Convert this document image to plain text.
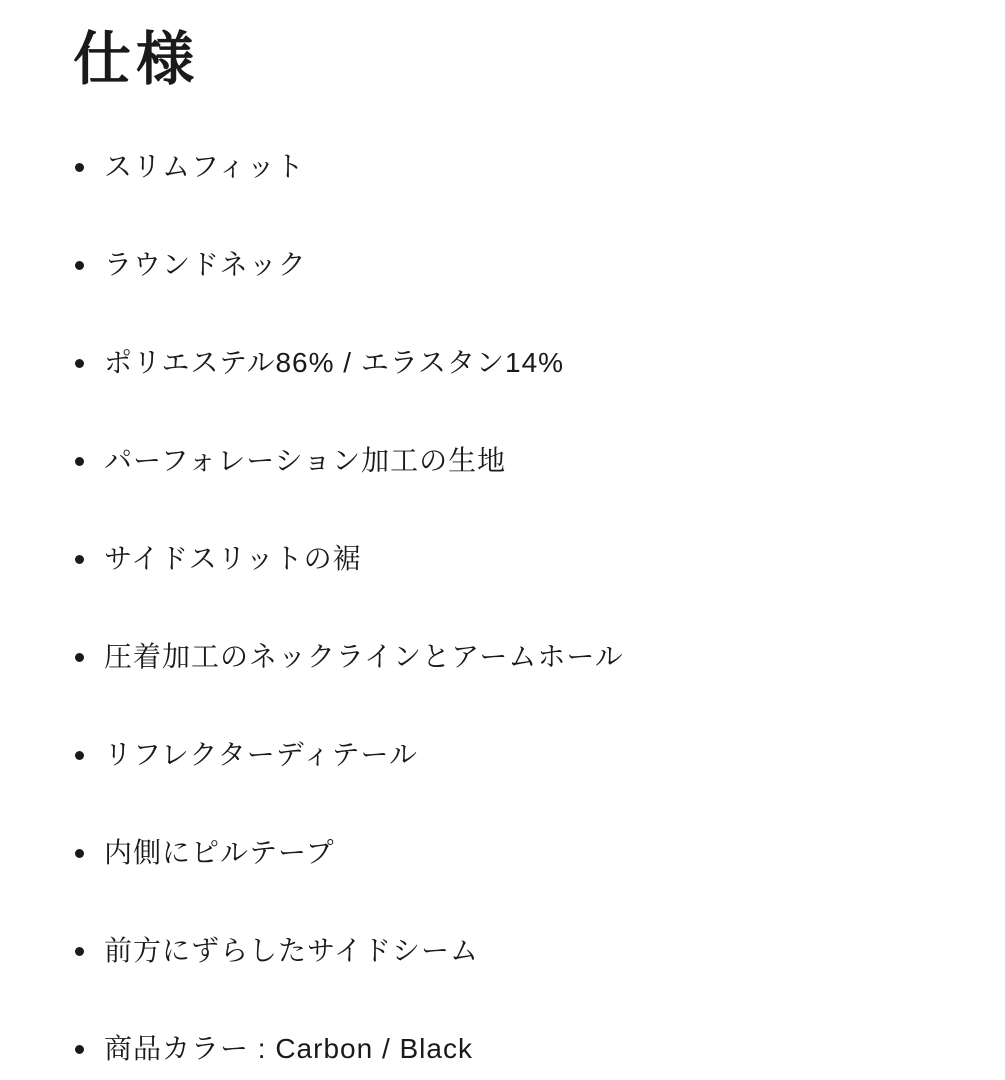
仕様
スリムフィット
ラウンドネック
ポリエステル86% / エラスタン14%
パーフォレーション加工の生地
サイドスリットの裾
圧着加工のネックラインとアームホール
リフレクターディテール
内側にピルテープ
前方にずらしたサイドシーム
商品カラー : Carbon / Black
